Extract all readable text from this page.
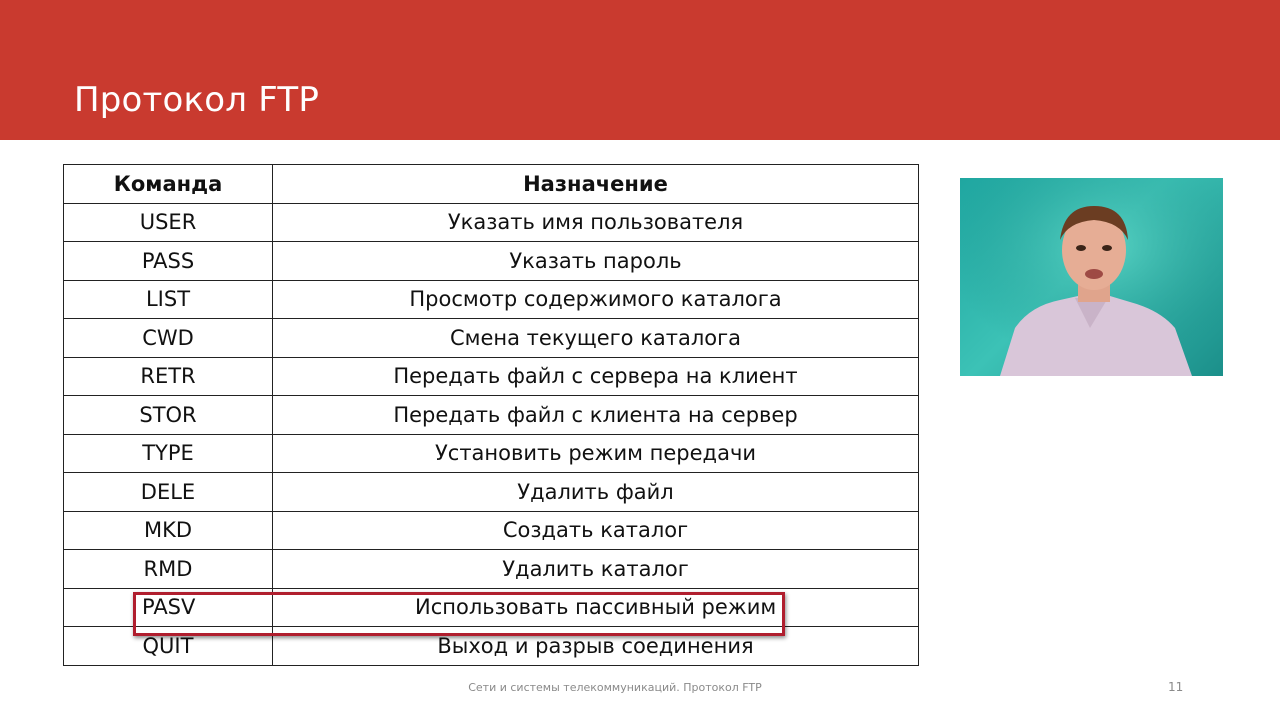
Протокол FTP
Команда	Назначение
USER	Указать имя пользователя
PASS	Указать пароль
LIST	Просмотр содержимого каталога
CWD	Смена текущего каталога
RETR	Передать файл с сервера на клиент
STOR	Передать файл с клиента на сервер
TYPE	Установить режим передачи
DELE	Удалить файл
MKD	Создать каталог
RMD	Удалить каталог
PASV	Использовать пассивный режим
QUIT	Выход и разрыв соединения
Сети и системы телекоммуникаций. Протокол FTP	11
